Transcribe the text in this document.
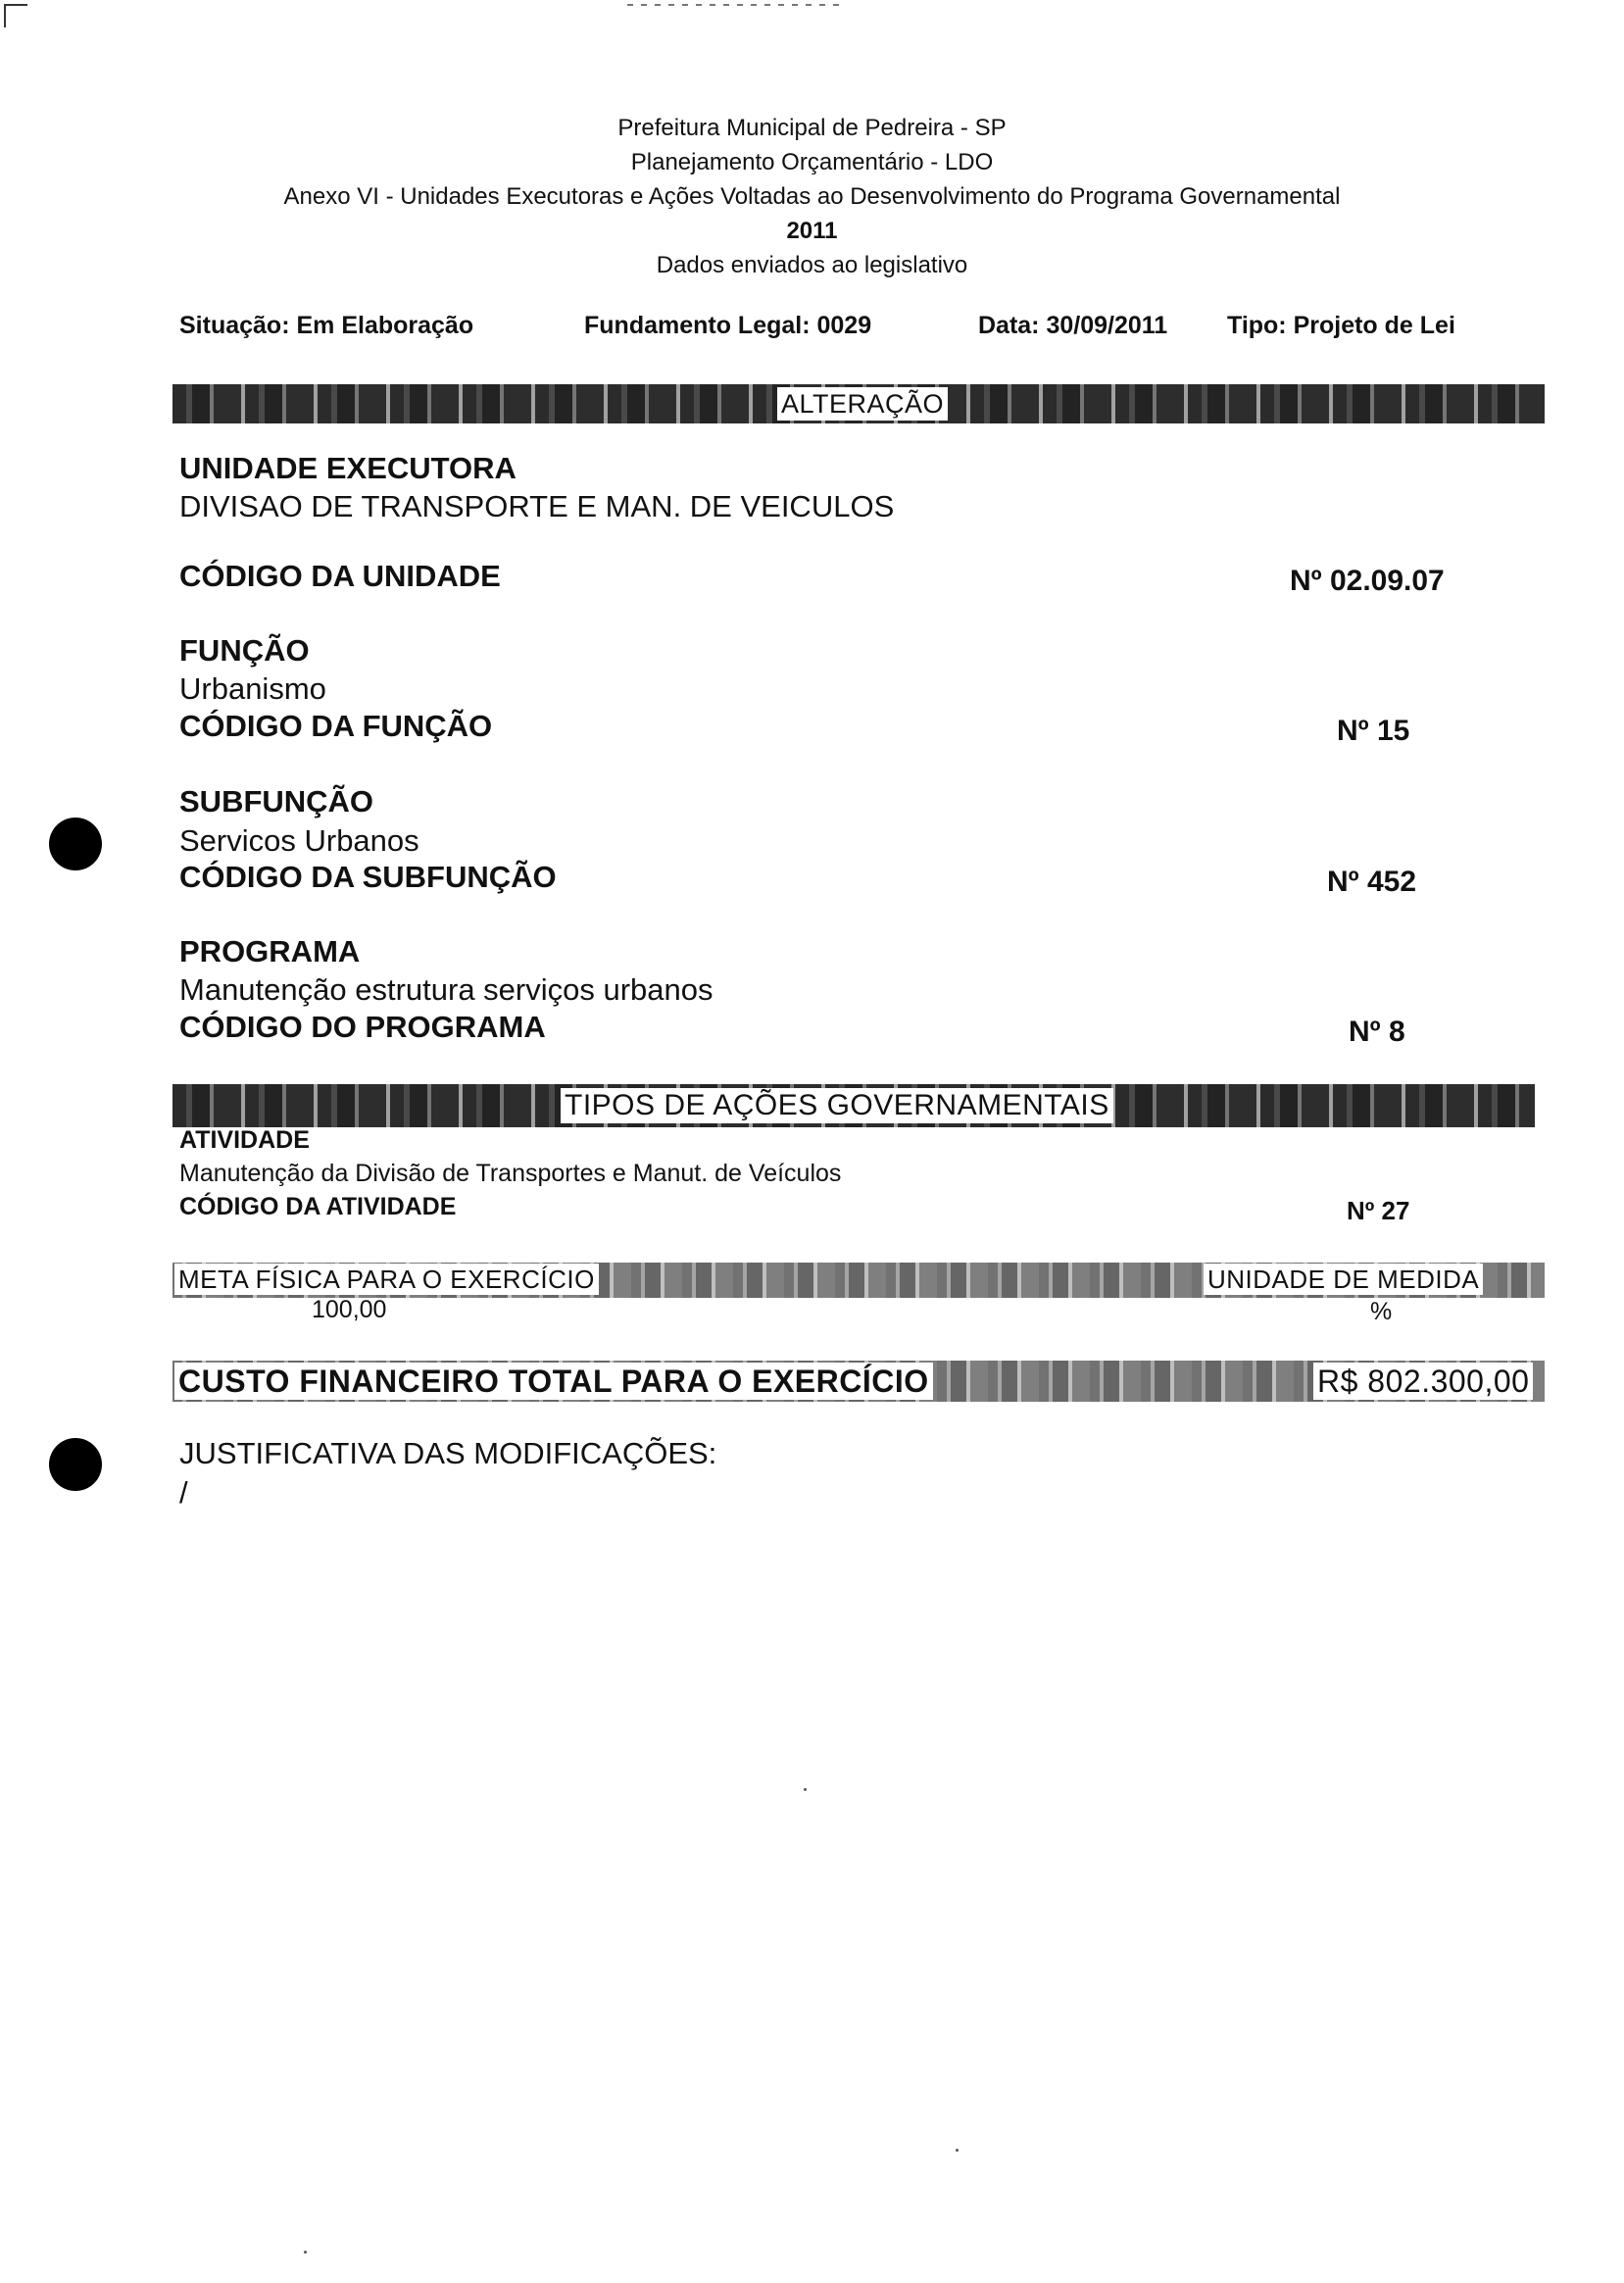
Prefeitura Municipal de Pedreira - SP
Planejamento Orçamentário - LDO
Anexo VI - Unidades Executoras e Ações Voltadas ao Desenvolvimento do Programa Governamental
2011
Dados enviados ao legislativo
Situação: Em Elaboração	Fundamento Legal: 0029	Data: 30/09/2011 Tipo: Projeto de Lei
ALTERAÇÃO
UNIDADE EXECUTORA
DIVISAO DE TRANSPORTE E MAN. DE VEICULOS
CÓDIGO DA UNIDADE	Nº 02.09.07
FUNÇÃO
Urbanismo
CÓDIGO DA FUNÇÃO	Nº 15
SUBFUNÇÃO
Servicos Urbanos
CÓDIGO DA SUBFUNÇÃO	Nº 452
PROGRAMA
Manutenção estrutura serviços urbanos
CÓDIGO DO PROGRAMA	Nº 8
TIPOS DE AÇÕES GOVERNAMENTAIS
ATIVIDADE
Manutenção da Divisão de Transportes e Manut. de Veículos
CÓDIGO DA ATIVIDADE	Nº 27
META FÍSICA PARA O EXERCÍCIO	UNIDADE DE MEDIDA
100,00	%
CUSTO FINANCEIRO TOTAL PARA O EXERCÍCIO	R$ 802.300,00
JUSTIFICATIVA DAS MODIFICAÇÕES:
/
